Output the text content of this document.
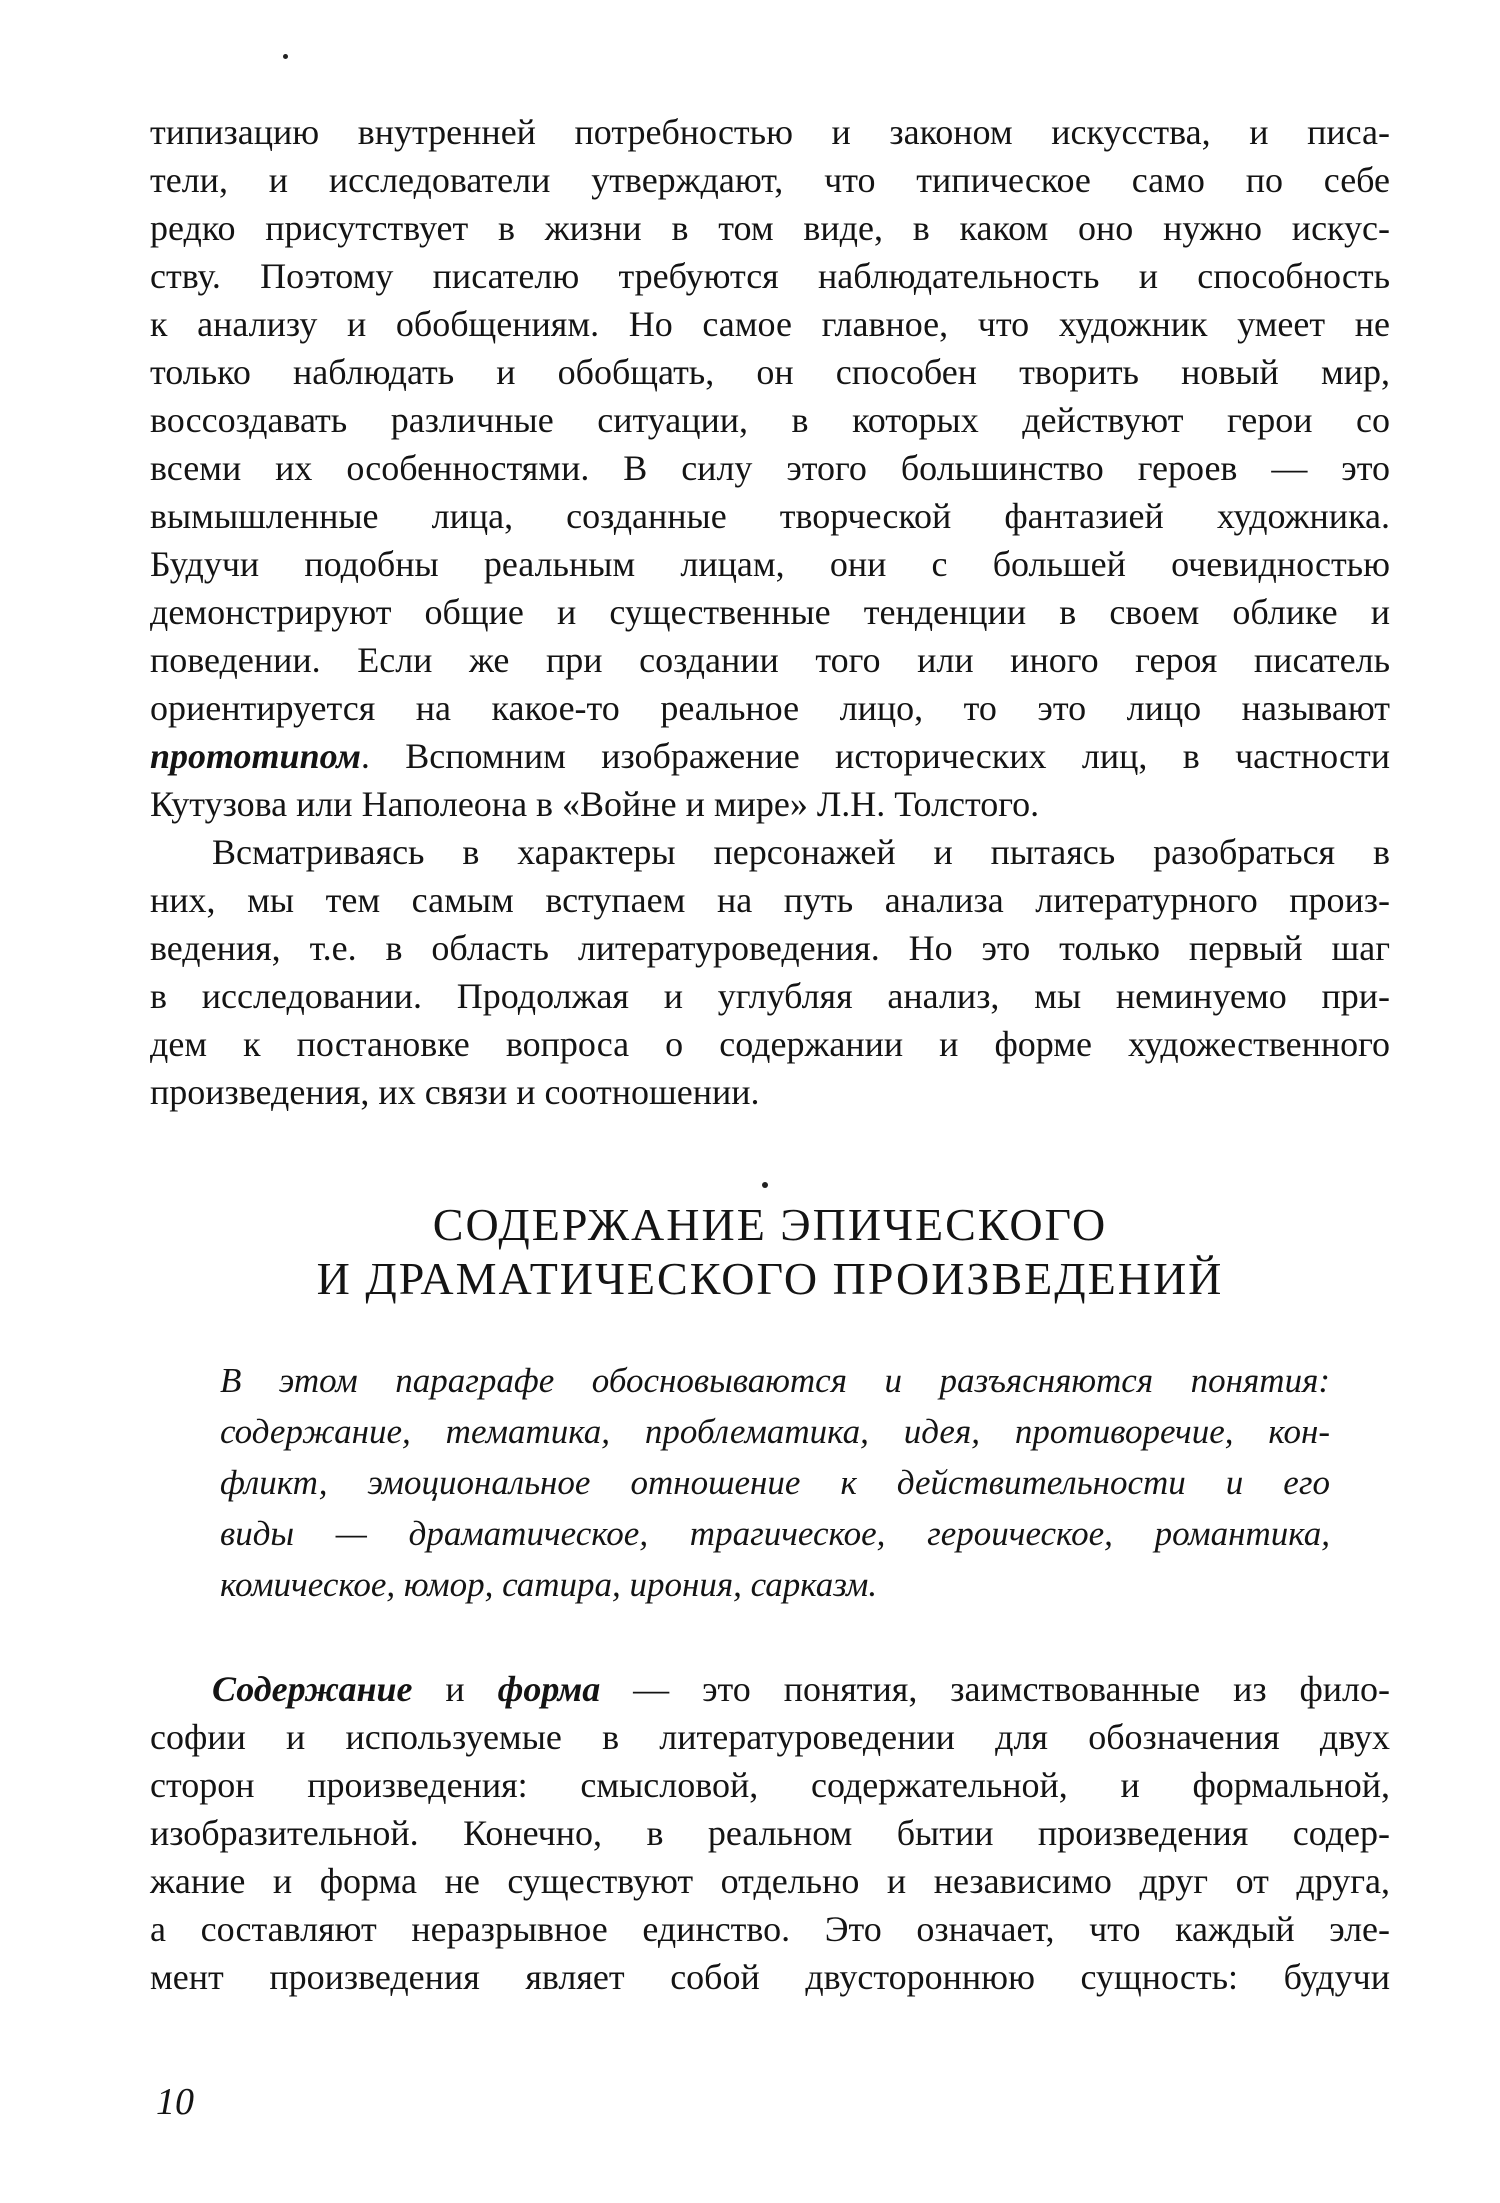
типизацию внутренней потребностью и законом искусства, и писа-
тели, и исследователи утверждают, что типическое само по себе
редко присутствует в жизни в том виде, в каком оно нужно искус-
ству. Поэтому писателю требуются наблюдательность и способность
к анализу и обобщениям. Но самое главное, что художник умеет не
только наблюдать и обобщать, он способен творить новый мир,
воссоздавать различные ситуации, в которых действуют герои со
всеми их особенностями. В силу этого большинство героев — это
вымышленные лица, созданные творческой фантазией художника.
Будучи подобны реальным лицам, они с большей очевидностью
демонстрируют общие и существенные тенденции в своем облике и
поведении. Если же при создании того или иного героя писатель
ориентируется на какое-то реальное лицо, то это лицо называют
прототипом. Вспомним изображение исторических лиц, в частности
Кутузова или Наполеона в «Войне и мире» Л.Н. Толстого.
Всматриваясь в характеры персонажей и пытаясь разобраться в
них, мы тем самым вступаем на путь анализа литературного произ-
ведения, т.е. в область литературоведения. Но это только первый шаг
в исследовании. Продолжая и углубляя анализ, мы неминуемо при-
дем к постановке вопроса о содержании и форме художественного
произведения, их связи и соотношении.
СОДЕРЖАНИЕ ЭПИЧЕСКОГО
И ДРАМАТИЧЕСКОГО ПРОИЗВЕДЕНИЙ
В этом параграфе обосновываются и разъясняются понятия:
содержание, тематика, проблематика, идея, противоречие, кон-
фликт, эмоциональное отношение к действительности и его
виды — драматическое, трагическое, героическое, романтика,
комическое, юмор, сатира, ирония, сарказм.
Содержание и форма — это понятия, заимствованные из фило-
софии и используемые в литературоведении для обозначения двух
сторон произведения: смысловой, содержательной, и формальной,
изобразительной. Конечно, в реальном бытии произведения содер-
жание и форма не существуют отдельно и независимо друг от друга,
а составляют неразрывное единство. Это означает, что каждый эле-
мент произведения являет собой двустороннюю сущность: будучи
10
